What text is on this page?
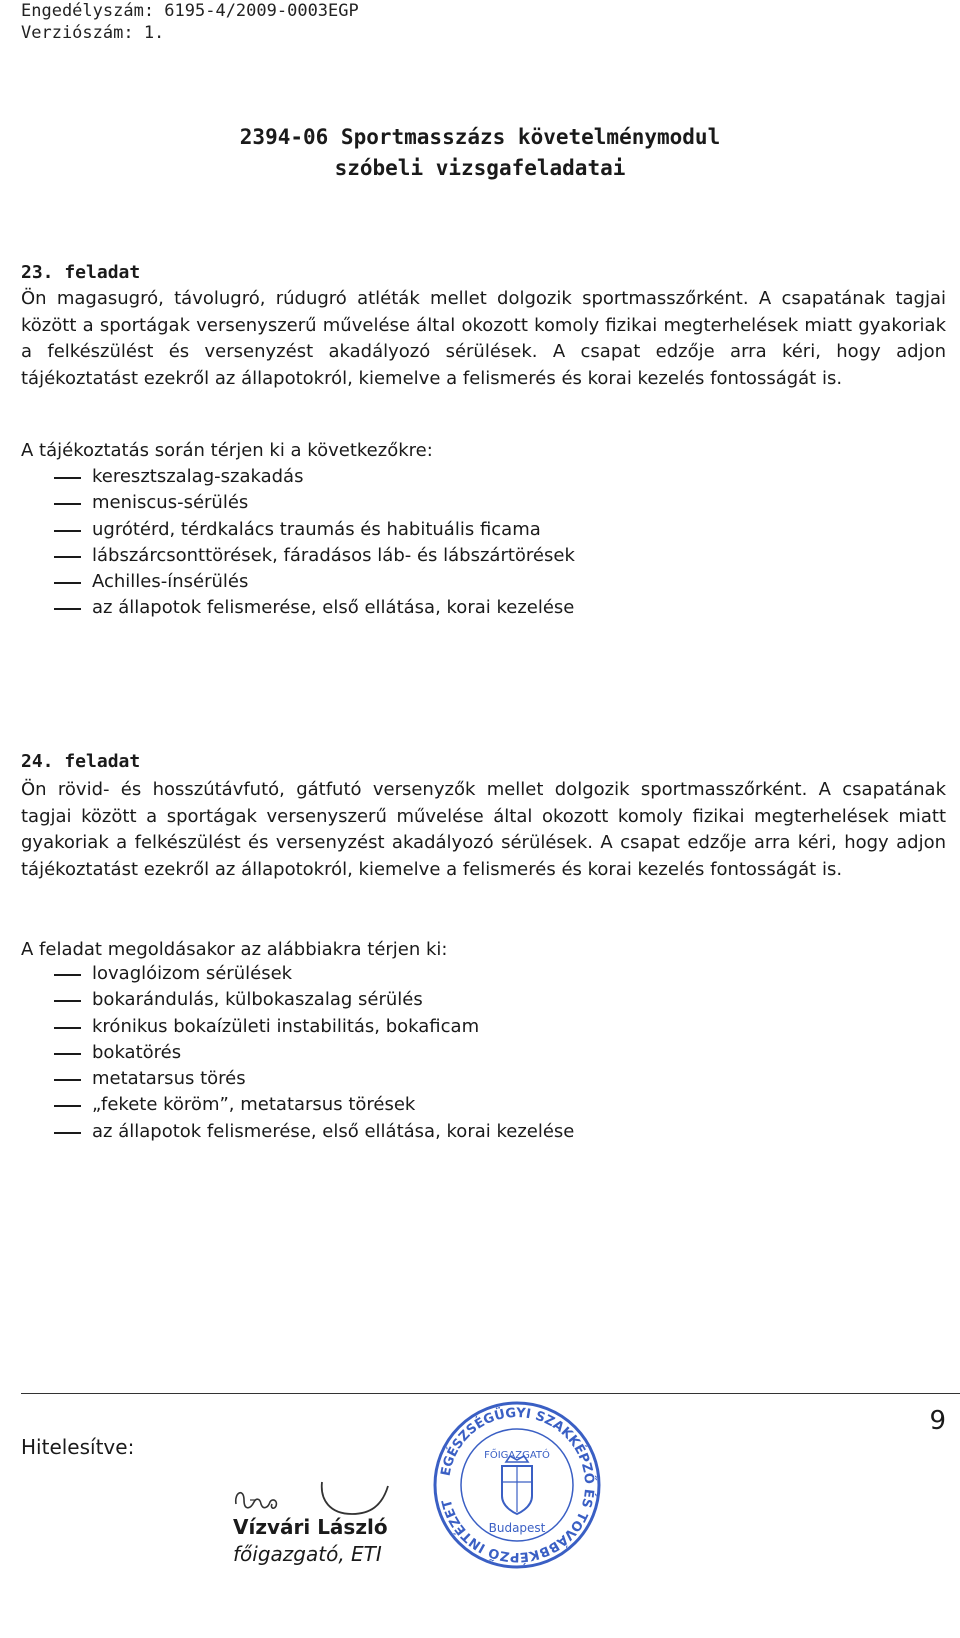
Engedélyszám: 6195-4/2009-0003EGP
Verziószám: 1.
2394-06 Sportmasszázs követelménymodul
szóbeli vizsgafeladatai
23. feladat

Ön magasugró, távolugró, rúdugró atléták mellet dolgozik sportmasszőrként. A csapatának tagjai között a sportágak versenyszerű művelése által okozott komoly fizikai megterhelések miatt gyakoriak a felkészülést és versenyzést akadályozó sérülések. A csapat edzője arra kéri, hogy adjon tájékoztatást ezekről az állapotokról, kiemelve a felismerés és korai kezelés fontosságát is.

A tájékoztatás során térjen ki a következőkre:
keresztszalag-szakadás
meniscus-sérülés
ugrótérd, térdkalács traumás és habituális ficama
lábszárcsonttörések, fáradásos láb- és lábszártörések
Achilles-ínsérülés
az állapotok felismerése, első ellátása, korai kezelése
24. feladat

Ön rövid- és hosszútávfutó, gátfutó versenyzők mellet dolgozik sportmasszőrként. A csapatának tagjai között a sportágak versenyszerű művelése által okozott komoly fizikai megterhelések miatt gyakoriak a felkészülést és versenyzést akadályozó sérülések. A csapat edzője arra kéri, hogy adjon tájékoztatást ezekről az állapotokról, kiemelve a felismerés és korai kezelés fontosságát is.

A feladat megoldásakor az alábbiakra térjen ki:
lovaglóizom sérülések
bokarándulás, külbokaszalag sérülés
krónikus bokaízületi instabilitás, bokaficam
bokatörés
metatarsus törés
„fekete köröm”, metatarsus törések
az állapotok felismerése, első ellátása, korai kezelése
9
Hitelesítve:
Vízvári László
főigazgató, ETI
EGÉSZSÉGÜGYI SZAKKÉPZŐ ÉS TOVÁBBKÉPZŐ INTÉZET
FŐIGAZGATÓ
Budapest
